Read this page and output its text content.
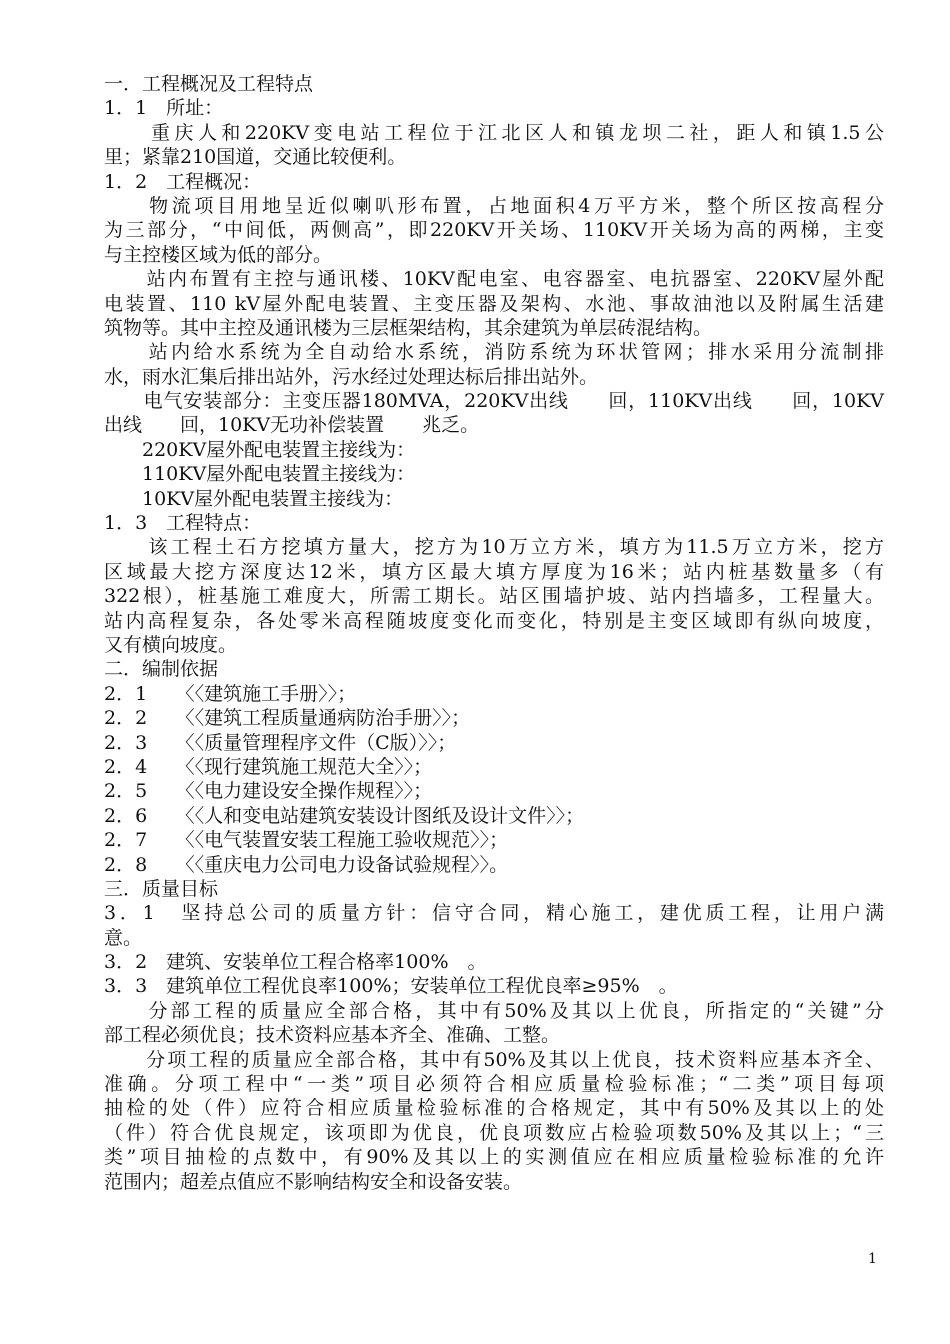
一．工程概况及工程特点
1．1　所址：
　　重庆人和220KV变电站工程位于江北区人和镇龙坝二社，距人和镇1.5公
里；紧靠210国道，交通比较便利。
1．2　工程概况：
　　物流项目用地呈近似喇叭形布置，占地面积4万平方米，整个所区按高程分
为三部分，“中间低，两侧高”，即220KV开关场、110KV开关场为高的两梯，主变
与主控楼区域为低的部分。
　　站内布置有主控与通讯楼、10KV配电室、电容器室、电抗器室、220KV屋外配
电装置、110 kV屋外配电装置、主变压器及架构、水池、事故油池以及附属生活建
筑物等。其中主控及通讯楼为三层框架结构，其余建筑为单层砖混结构。
　　站内给水系统为全自动给水系统，消防系统为环状管网；排水采用分流制排
水，雨水汇集后排出站外，污水经过处理达标后排出站外。
　　电气安装部分：主变压器180MVA，220KV出线　　回，110KV出线　　回，10KV
出线　　回，10KV无功补偿装置　　兆乏。
　　220KV屋外配电装置主接线为：
　　110KV屋外配电装置主接线为：
　　10KV屋外配电装置主接线为：
1．3　工程特点：
　　该工程土石方挖填方量大，挖方为10万立方米，填方为11.5万立方米，挖方
区域最大挖方深度达12米，填方区最大填方厚度为16米；站内桩基数量多（有
322根），桩基施工难度大，所需工期长。站区围墙护坡、站内挡墙多，工程量大。
站内高程复杂，各处零米高程随坡度变化而变化，特别是主变区域即有纵向坡度，
又有横向坡度。
二．编制依据
2．1　　〈〈建筑施工手册〉〉；
2．2　　〈〈建筑工程质量通病防治手册〉〉；
2．3　　〈〈质量管理程序文件（C版）〉〉；
2．4　　〈〈现行建筑施工规范大全〉〉；
2．5　　〈〈电力建设安全操作规程〉〉；
2．6　　〈〈人和变电站建筑安装设计图纸及设计文件〉〉；
2．7　　〈〈电气装置安装工程施工验收规范〉〉；
2．8　　〈〈重庆电力公司电力设备试验规程〉〉。
三．质量目标
3．1　坚持总公司的质量方针：信守合同，精心施工，建优质工程，让用户满
意。
3．2　建筑、安装单位工程合格率100%　。
3．3　建筑单位工程优良率100%；安装单位工程优良率≥95%　。
　　分部工程的质量应全部合格，其中有50%及其以上优良，所指定的“关键”分
部工程必须优良；技术资料应基本齐全、准确、工整。
　　分项工程的质量应全部合格，其中有50%及其以上优良，技术资料应基本齐全、
准确。分项工程中“一类”项目必须符合相应质量检验标准；“二类”项目每项
抽检的处（件）应符合相应质量检验标准的合格规定，其中有50%及其以上的处
（件）符合优良规定，该项即为优良，优良项数应占检验项数50%及其以上；“三
类”项目抽检的点数中，有90%及其以上的实测值应在相应质量检验标准的允许
范围内；超差点值应不影响结构安全和设备安装。
1
